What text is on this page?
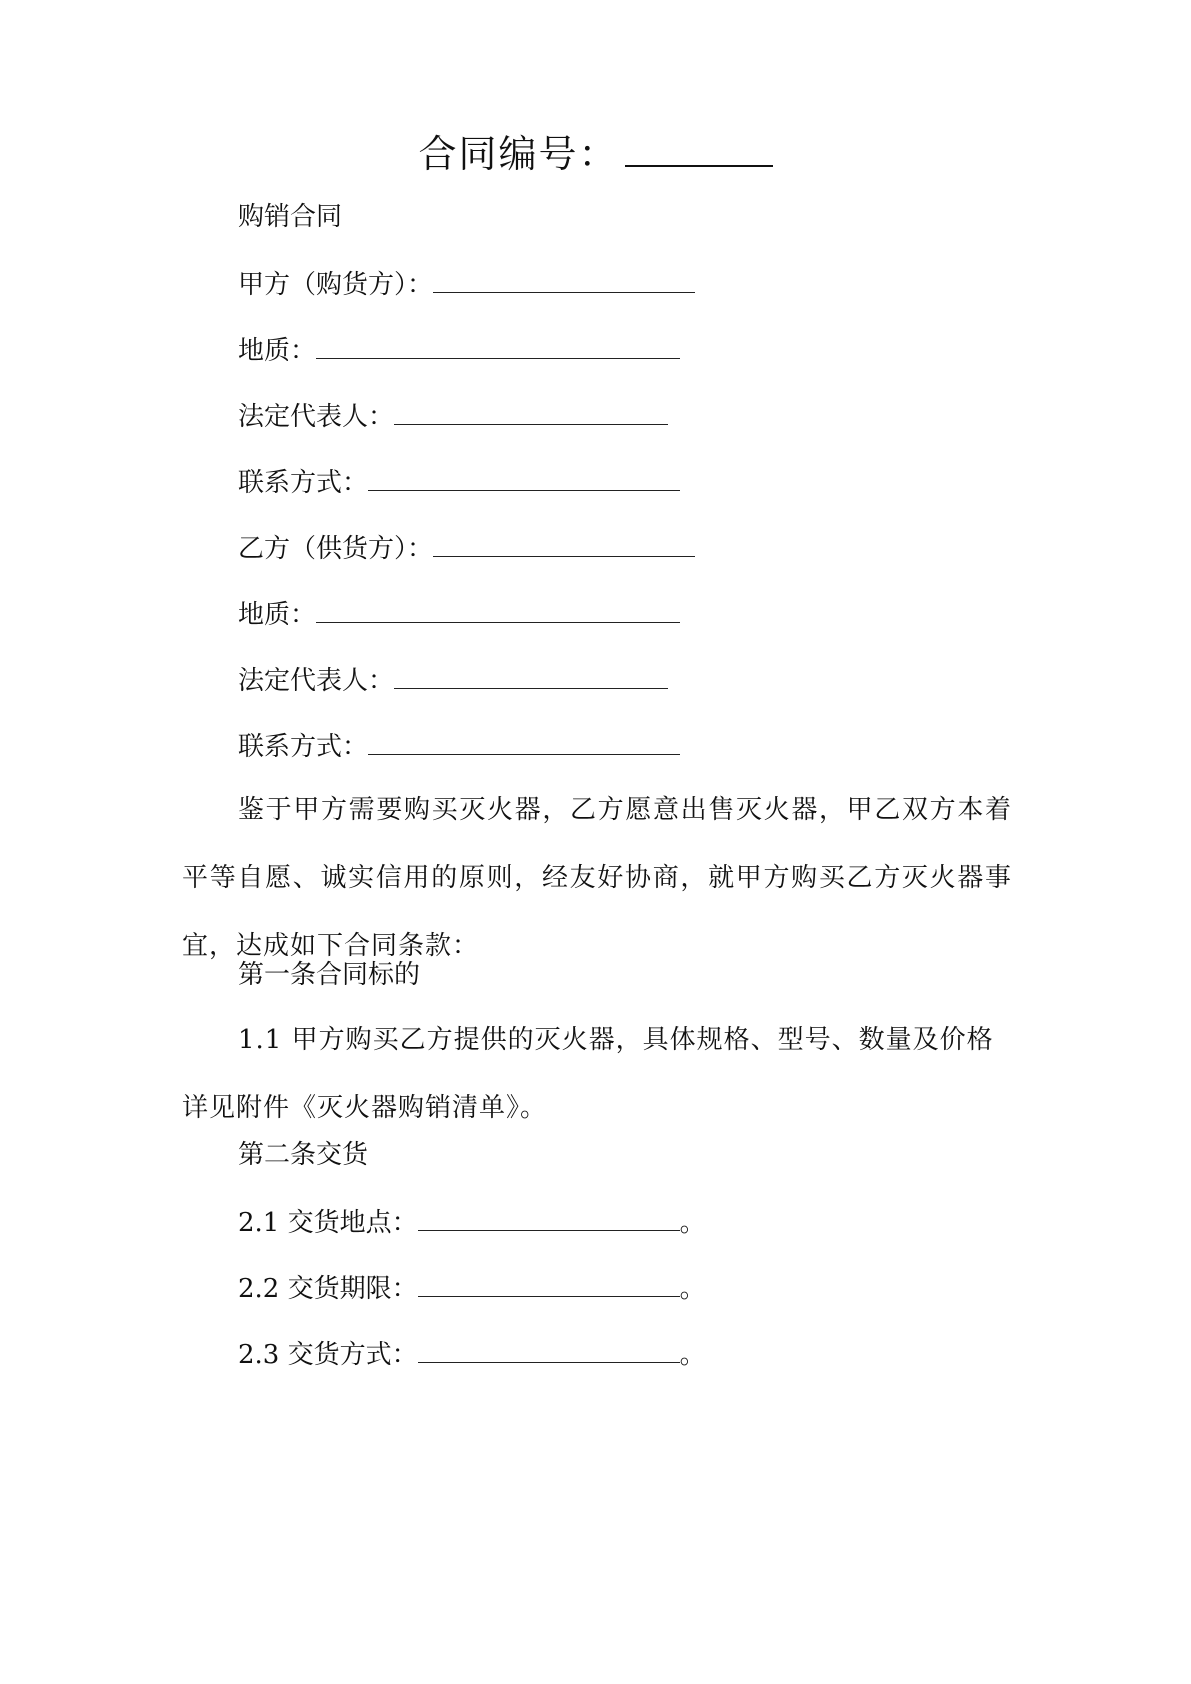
合同编号：
购销合同
甲方（购货方）：
地质：
法定代表人：
联系方式：
乙方（供货方）：
地质：
法定代表人：
联系方式：
鉴于甲方需要购买灭火器，乙方愿意出售灭火器，甲乙双方本着平等自愿、诚实信用的原则，经友好协商，就甲方购买乙方灭火器事宜，达成如下合同条款：
第一条合同标的
1.1 甲方购买乙方提供的灭火器，具体规格、型号、数量及价格详见附件《灭火器购销清单》。
第二条交货
2.1 交货地点：	。
2.2 交货期限：	。
2.3 交货方式：	。
